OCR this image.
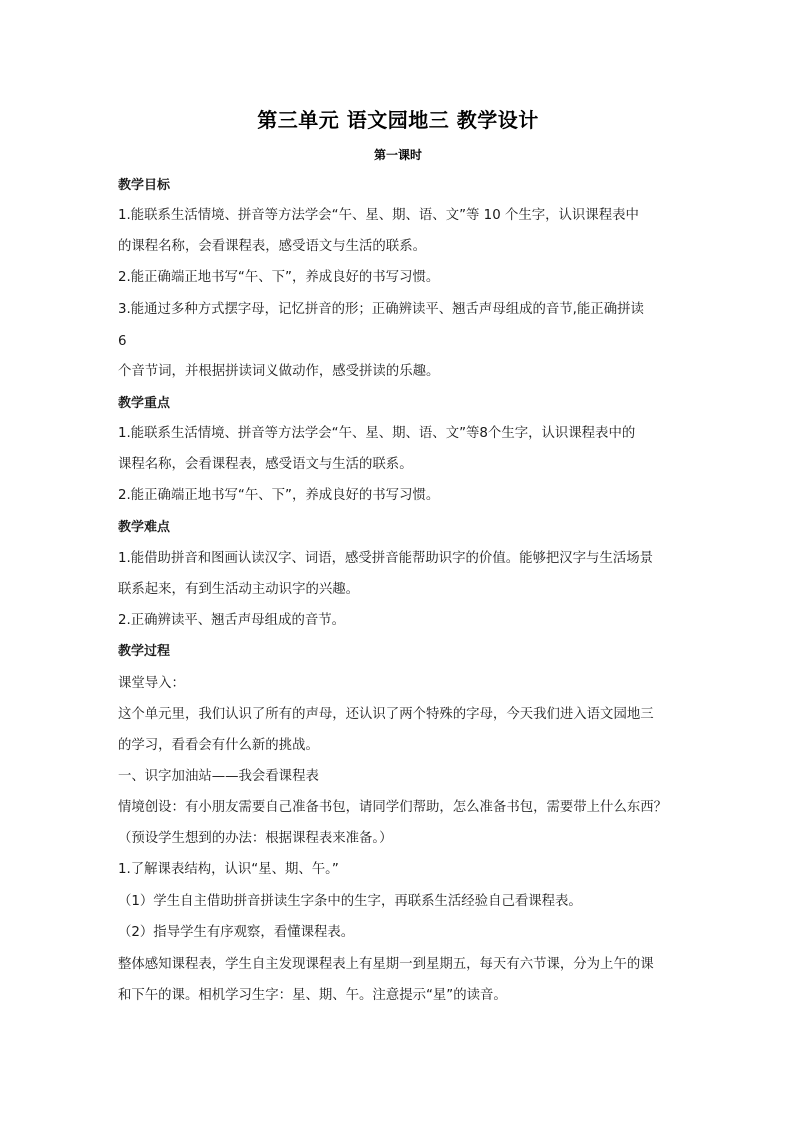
第三单元 语文园地三 教学设计
第一课时
教学目标
1.能联系生活情境、拼音等方法学会“午、星、期、语、文”等 10 个生字，认识课程表中
的课程名称，会看课程表，感受语文与生活的联系。
2.能正确端正地书写“午、下”，养成良好的书写习惯。
3.能通过多种方式摆字母，记忆拼音的形；正确辨读平、翘舌声母组成的音节,能正确拼读
6
个音节词，并根据拼读词义做动作，感受拼读的乐趣。
教学重点
1.能联系生活情境、拼音等方法学会“午、星、期、语、文”等8个生字，认识课程表中的
课程名称，会看课程表，感受语文与生活的联系。
2.能正确端正地书写“午、下”，养成良好的书写习惯。
教学难点
1.能借助拼音和图画认读汉字、词语，感受拼音能帮助识字的价值。能够把汉字与生活场景
联系起来，有到生活动主动识字的兴趣。
2.正确辨读平、翘舌声母组成的音节。
教学过程
课堂导入：
这个单元里，我们认识了所有的声母，还认识了两个特殊的字母，今天我们进入语文园地三
的学习，看看会有什么新的挑战。
一、识字加油站——我会看课程表
情境创设：有小朋友需要自己准备书包，请同学们帮助，怎么准备书包，需要带上什么东西？
（预设学生想到的办法：根据课程表来准备。）
1.了解课表结构，认识“星、期、午。”
（1）学生自主借助拼音拼读生字条中的生字，再联系生活经验自己看课程表。
（2）指导学生有序观察，看懂课程表。
整体感知课程表，学生自主发现课程表上有星期一到星期五，每天有六节课，分为上午的课
和下午的课。相机学习生字：星、期、午。注意提示“星”的读音。
